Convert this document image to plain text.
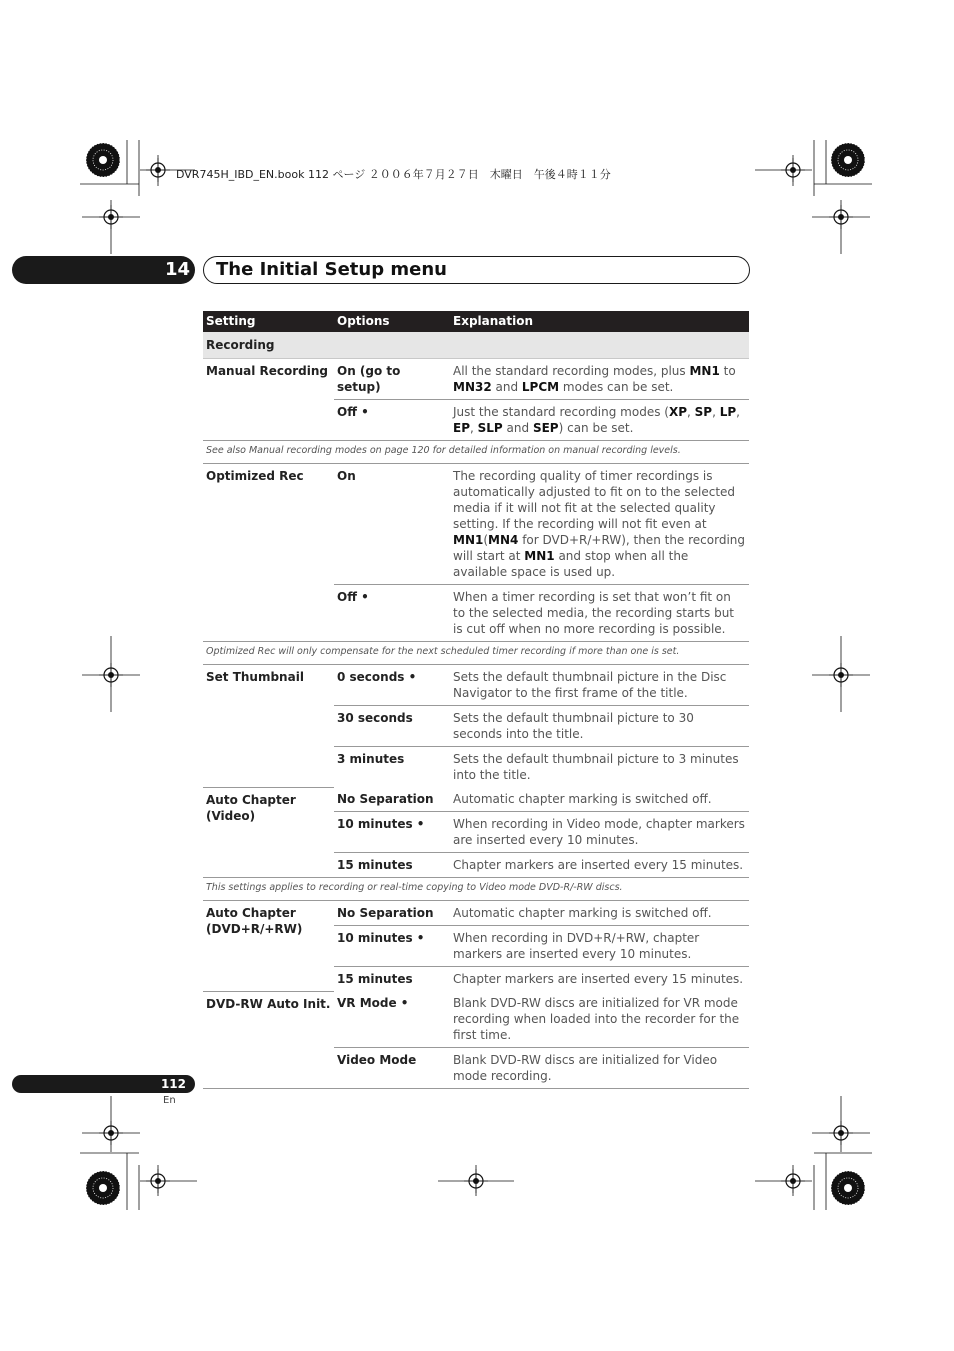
DVR745H_IBD_EN.book 112 ページ ２００６年７月２７日　木曜日　午後４時１１分
14 The Initial Setup menu
Setting	Options	Explanation
Recording		
Manual Recording	On (go to setup)	All the standard recording modes, plus MN1 to MN32 and LPCM modes can be set.
	Off •	Just the standard recording modes (XP, SP, LP, EP, SLP and SEP) can be set.
See also Manual recording modes on page 120 for detailed information on manual recording levels.		
Optimized Rec	On	The recording quality of timer recordings is automatically adjusted to fit on to the selected media if it will not fit at the selected quality setting. If the recording will not fit even at MN1(MN4 for DVD+R/+RW), then the recording will start at MN1 and stop when all the available space is used up.
	Off •	When a timer recording is set that won’t fit on to the selected media, the recording starts but is cut off when no more recording is possible.
Optimized Rec will only compensate for the next scheduled timer recording if more than one is set.		
Set Thumbnail	0 seconds •	Sets the default thumbnail picture in the Disc Navigator to the first frame of the title.
	30 seconds	Sets the default thumbnail picture to 30 seconds into the title.
	3 minutes	Sets the default thumbnail picture to 3 minutes into the title.
Auto Chapter (Video)	No Separation	Automatic chapter marking is switched off.
	10 minutes •	When recording in Video mode, chapter markers are inserted every 10 minutes.
	15 minutes	Chapter markers are inserted every 15 minutes.
This settings applies to recording or real-time copying to Video mode DVD-R/-RW discs.		
Auto Chapter (DVD+R/+RW)	No Separation	Automatic chapter marking is switched off.
	10 minutes •	When recording in DVD+R/+RW, chapter markers are inserted every 10 minutes.
	15 minutes	Chapter markers are inserted every 15 minutes.
DVD-RW Auto Init.	VR Mode •	Blank DVD-RW discs are initialized for VR mode recording when loaded into the recorder for the first time.
	Video Mode	Blank DVD-RW discs are initialized for Video mode recording.
112
En
